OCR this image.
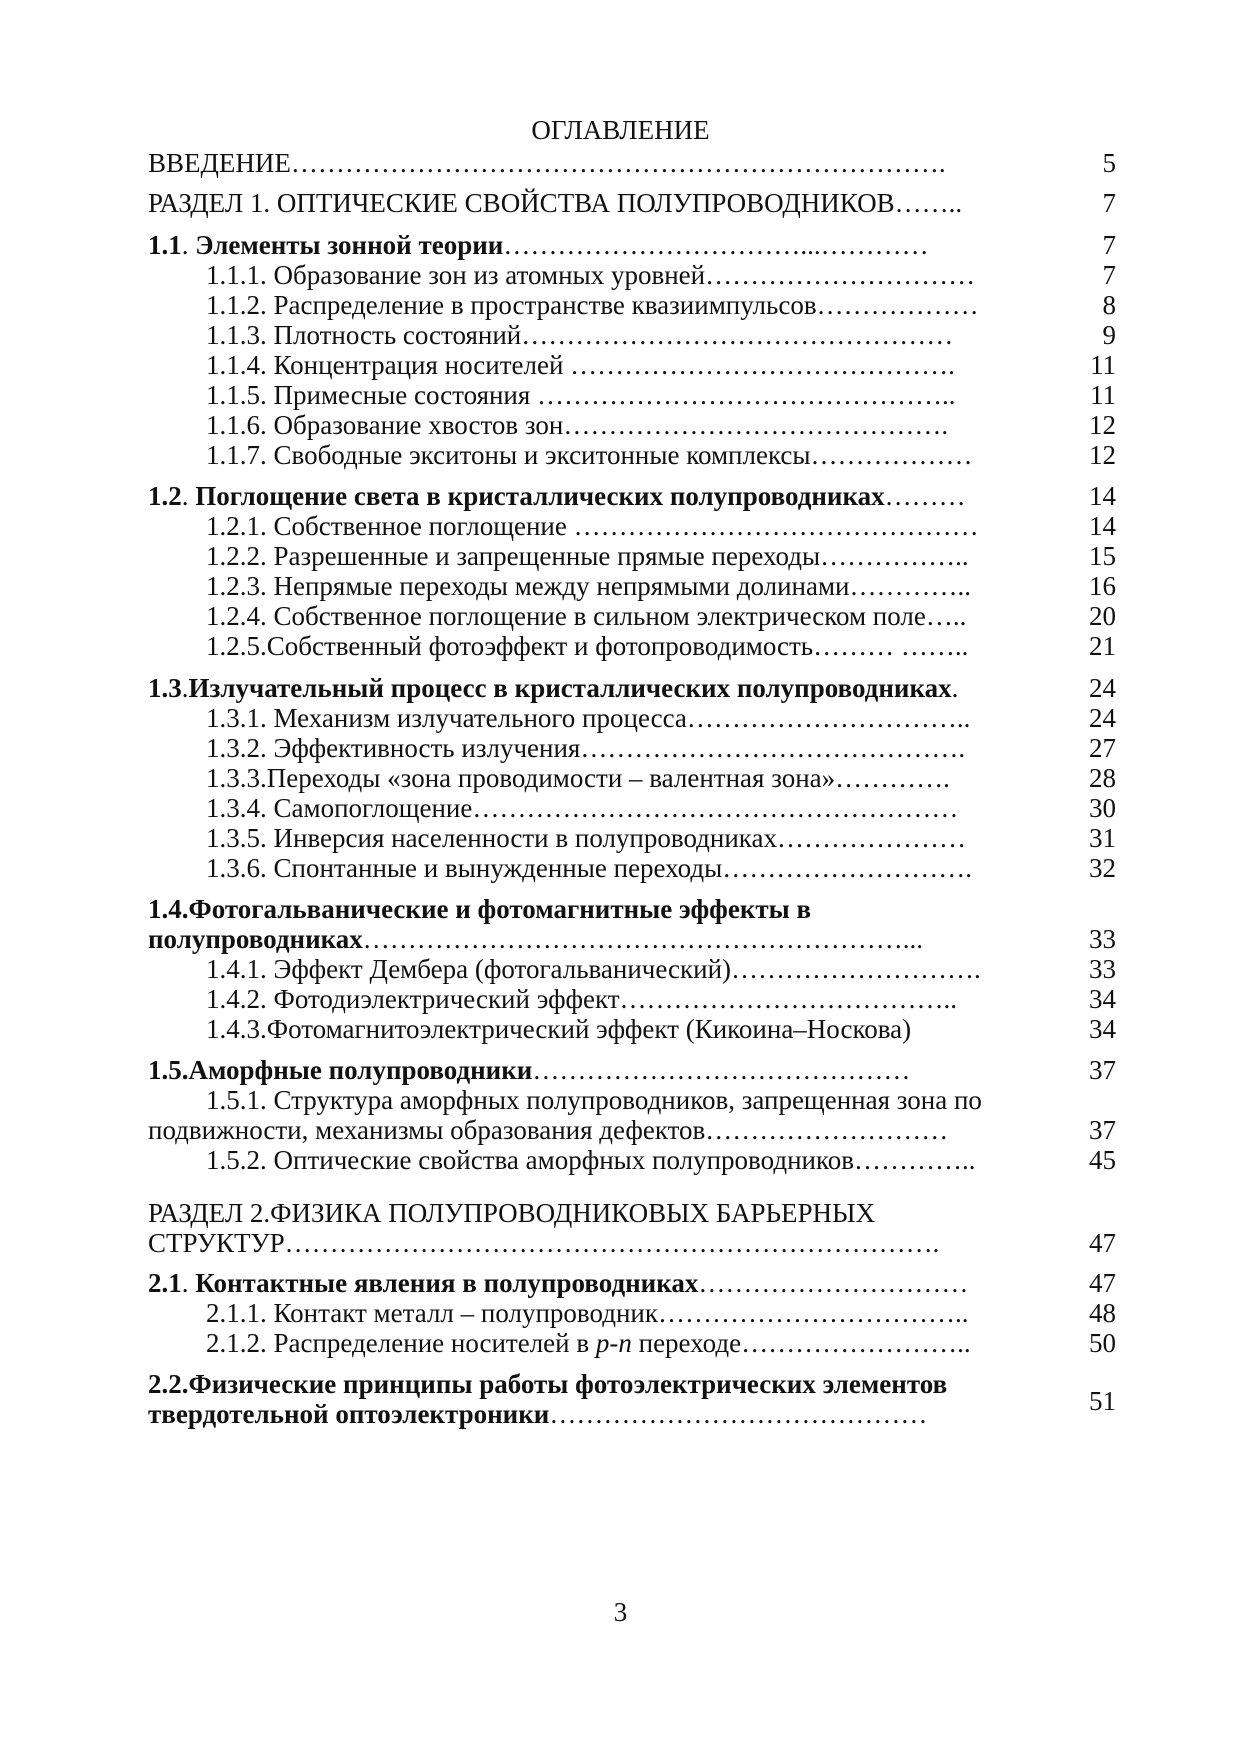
ОГЛАВЛЕНИЕ
ВВЕДЕНИЕ……………………………………………………………….	5
РАЗДЕЛ 1. ОПТИЧЕСКИЕ СВОЙСТВА ПОЛУПРОВОДНИКОВ……..	7
1.1. Элементы зонной теории……………………………...…………	7
1.1.1. Образование зон из атомных уровней…………………………	7
1.1.2. Распределение в пространстве квазиимпульсов………………	8
1.1.3. Плотность состояний…………………………………………	9
1.1.4. Концентрация носителей …………………………………….	11
1.1.5. Примесные состояния ………………………………………..	11
1.1.6. Образование хвостов зон…………………………………….	12
1.1.7. Свободные экситоны и экситонные комплексы………………	12
1.2. Поглощение света в кристаллических полупроводниках………	14
1.2.1. Собственное поглощение ………………………………………	14
1.2.2. Разрешенные и запрещенные прямые переходы……………..	15
1.2.3. Непрямые переходы между непрямыми долинами…………..	16
1.2.4. Собственное поглощение в сильном электрическом поле…..	20
1.2.5.Собственный фотоэффект и фотопроводимость……… ……..	21
1.3.Излучательный процесс в кристаллических полупроводниках.	24
1.3.1. Механизм излучательного процесса…………………………..	24
1.3.2. Эффективность излучения…………………………………….	27
1.3.3.Переходы «зона проводимости – валентная зона»………….	28
1.3.4. Самопоглощение………………………………………………	30
1.3.5. Инверсия населенности в полупроводниках…………………	31
1.3.6. Спонтанные и вынужденные переходы……………………….	32
1.4.Фотогальванические и фотомагнитные эффекты в
полупроводниках……………………………………………………...	33
1.4.1. Эффект Дембера (фотогальванический)……………………….	33
1.4.2. Фотодиэлектрический эффект………………………………..	34
1.4.3.Фотомагнитоэлектрический эффект (Кикоина–Носкова)	34
1.5.Аморфные полупроводники……………………………………	37
1.5.1. Структура аморфных полупроводников, запрещенная зона по
подвижности, механизмы образования дефектов………………………	37
1.5.2. Оптические свойства аморфных полупроводников…………..	45
РАЗДЕЛ 2.ФИЗИКА ПОЛУПРОВОДНИКОВЫХ БАРЬЕРНЫХ
СТРУКТУР……………………………………………………………….	47
2.1. Контактные явления в полупроводниках…………………………	47
2.1.1. Контакт металл – полупроводник……………………………..	48
2.1.2. Распределение носителей в p-n переходе……………………..	50
2.2.Физические принципы работы фотоэлектрических элементов
твердотельной оптоэлектроники……………………………………	51
3
